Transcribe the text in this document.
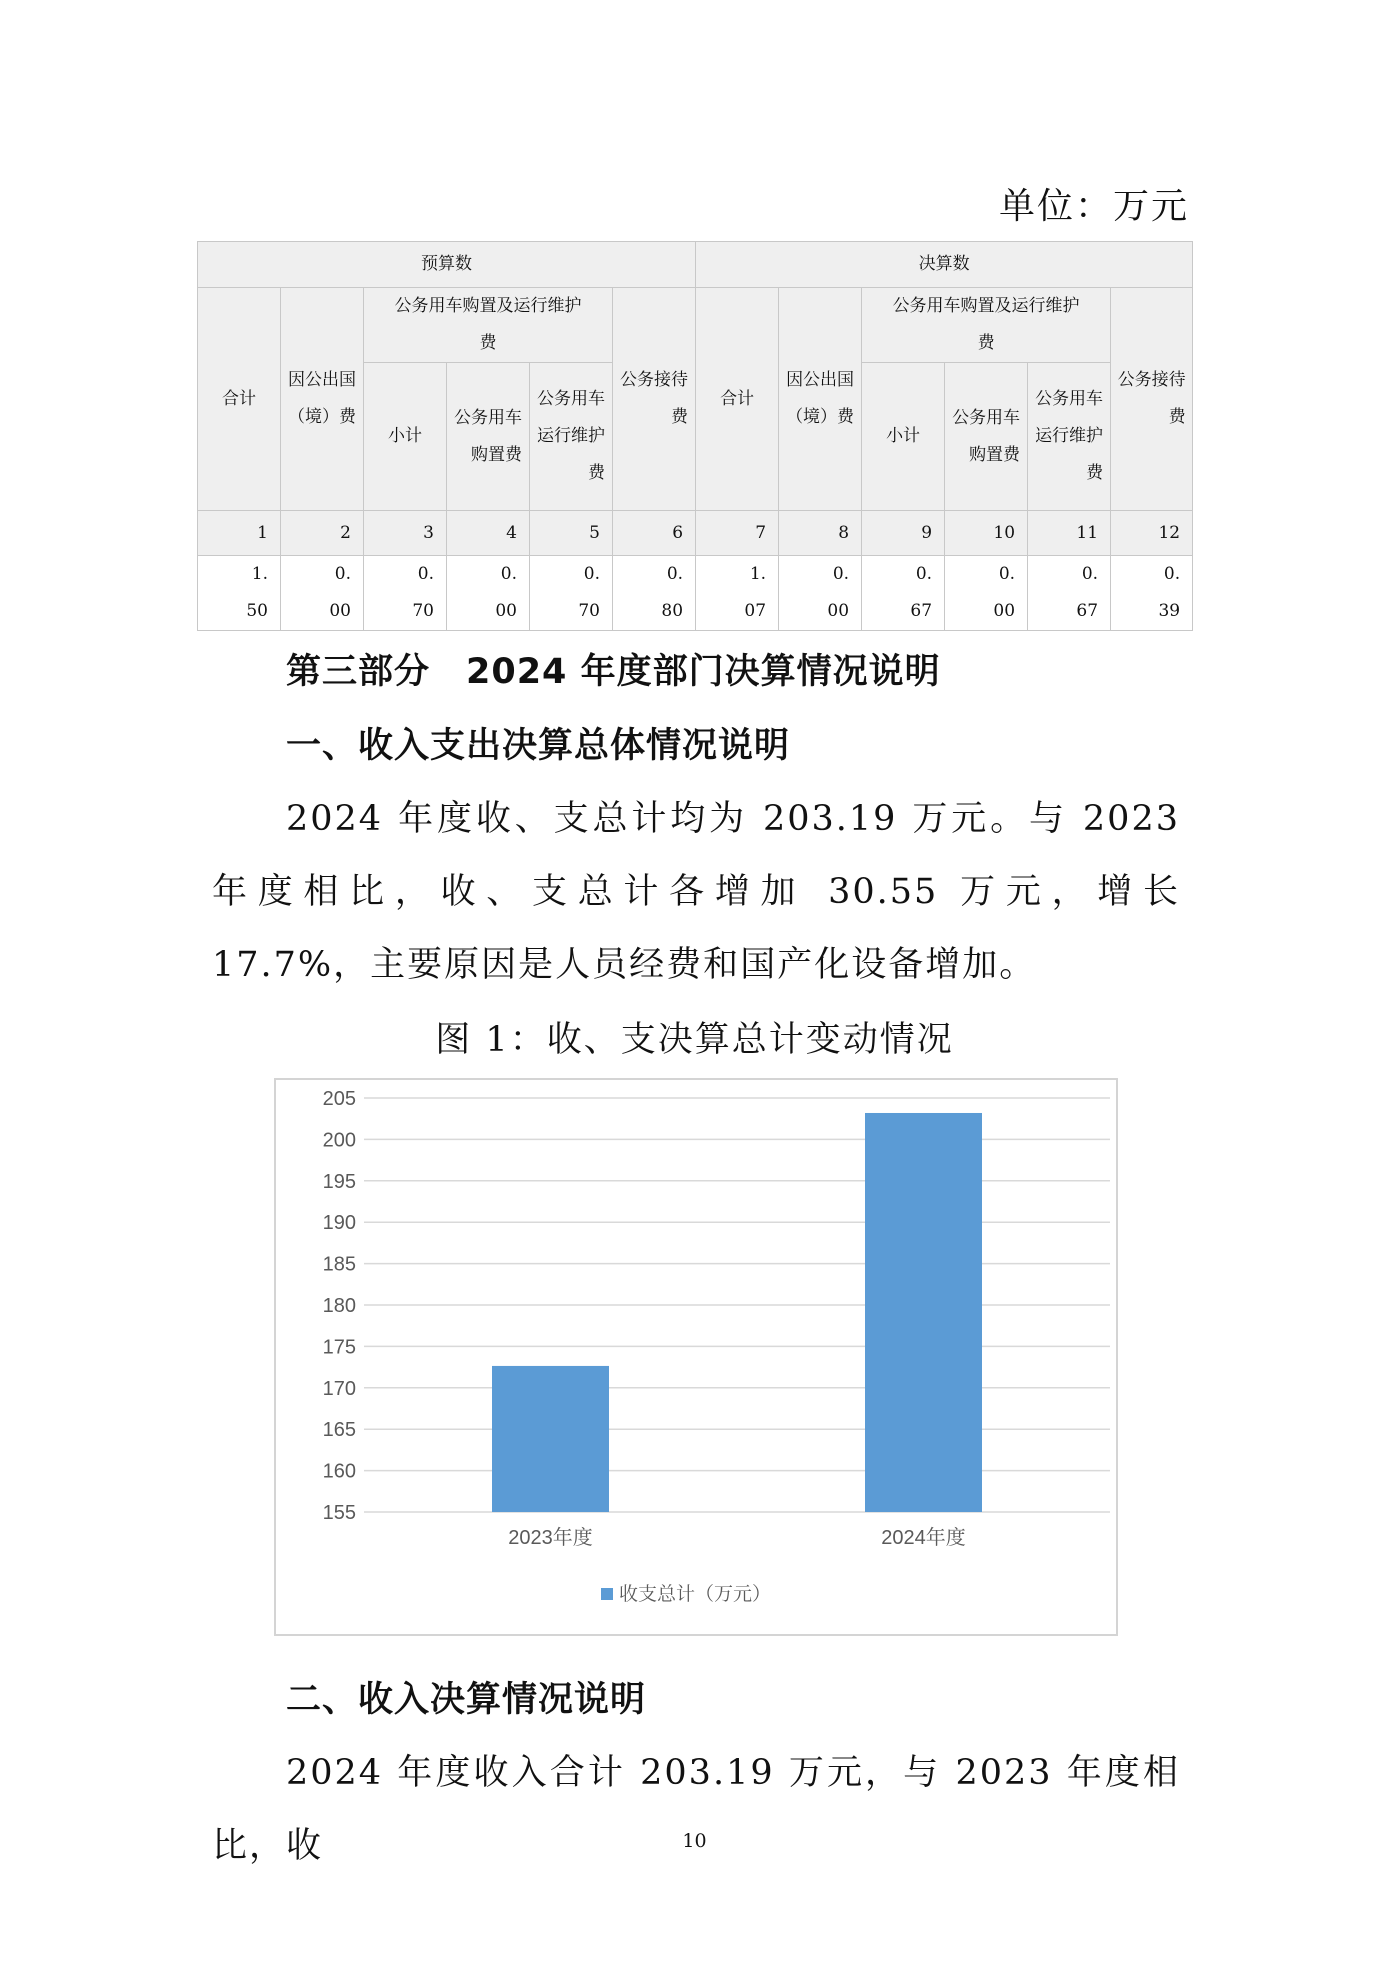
单位：万元
预算数						决算数					
合计	因公出国（境）费	公务用车购置及运行维护费			公务接待费	合计	因公出国（境）费	公务用车购置及运行维护费			公务接待费
		小计	公务用车购置费	公务用车运行维护费				小计	公务用车购置费	公务用车运行维护费	
1	2	3	4	5	6	7	8	9	10	11	12
1.50	0.00	0.70	0.00	0.70	0.80	1.07	0.00	0.67	0.00	0.67	0.39
第三部分　2024 年度部门决算情况说明
一、收入支出决算总体情况说明
2024 年度收、支总计均为 203.19 万元。与 2023 年度相比，收、支总计各增加 30.55 万元，增长 17.7%，主要原因是人员经费和国产化设备增加。
图 1：收、支决算总计变动情况
155
160
165
170
175
180
185
190
195
200
205
2023年度	2024年度
收支总计（万元）
二、收入决算情况说明
2024 年度收入合计 203.19 万元，与 2023 年度相比，收	10
